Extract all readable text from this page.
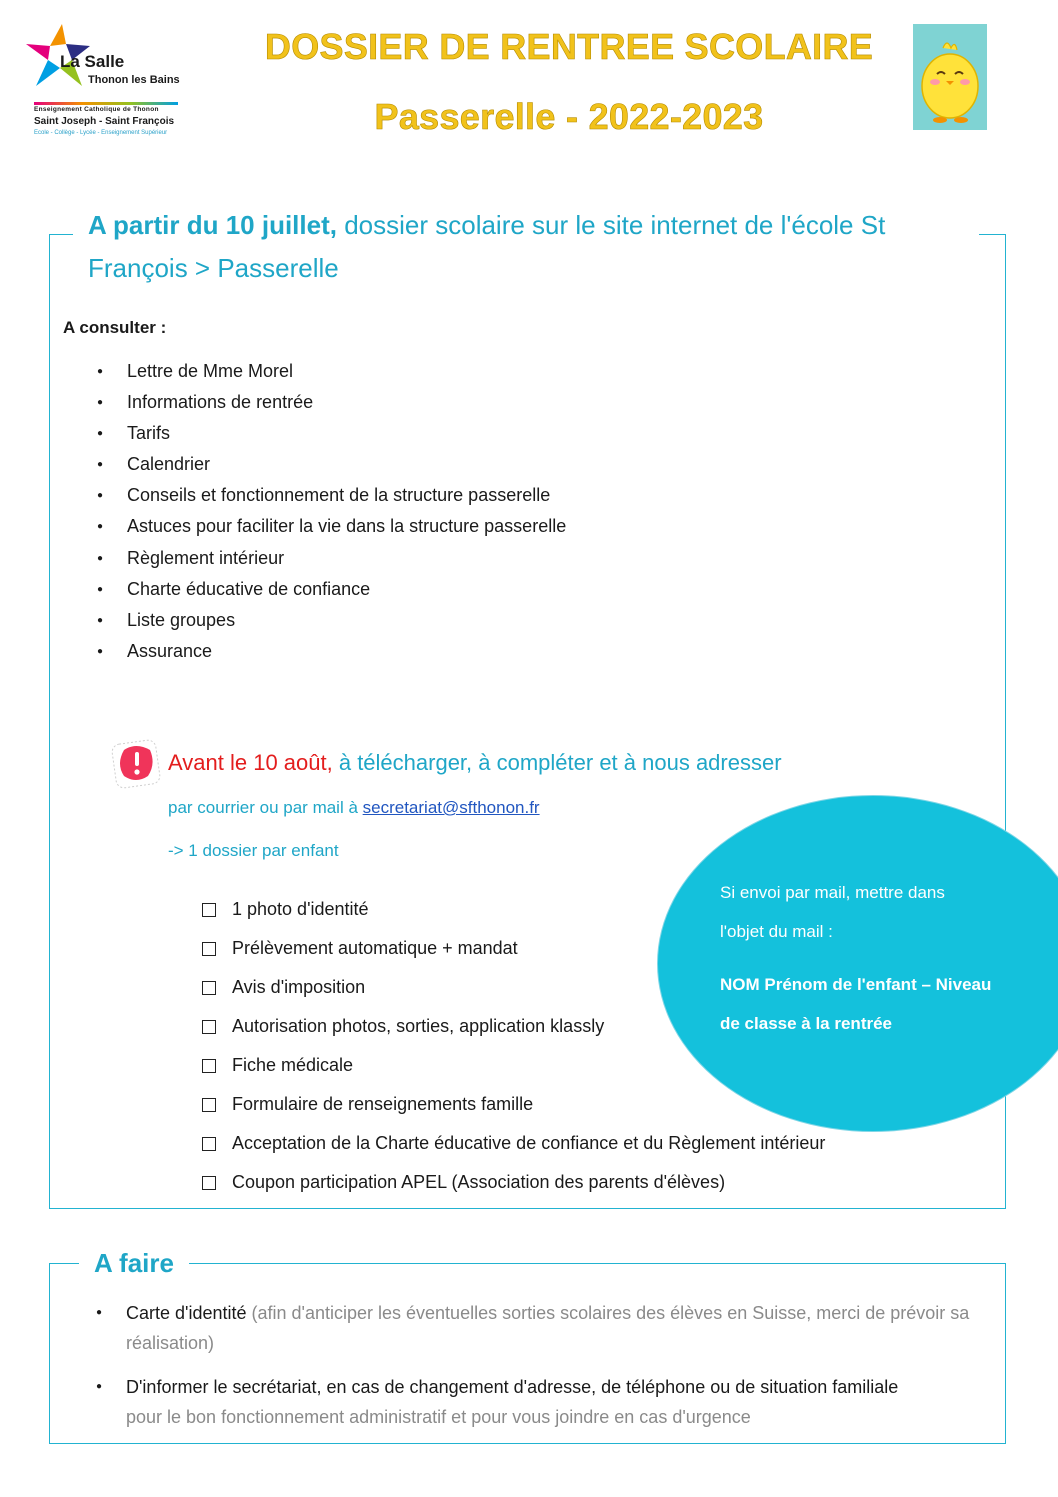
La Salle
Thonon les Bains
Enseignement Catholique de Thonon
Saint Joseph - Saint François
Ecole - Collège - Lycée - Enseignement Supérieur
DOSSIER DE RENTREE SCOLAIRE
Passerelle - 2022-2023
A partir du 10 juillet, dossier scolaire sur le site internet de l'école St François > Passerelle
A consulter :
● Lettre de Mme Morel
● Informations de rentrée
● Tarifs
● Calendrier
● Conseils et fonctionnement de la structure passerelle
● Astuces pour faciliter la vie dans la structure passerelle
● Règlement intérieur
● Charte éducative de confiance
● Liste groupes
● Assurance
Avant le 10 août, à télécharger, à compléter et à nous adresser
par courrier ou par mail à secretariat@sfthonon.fr
-> 1 dossier par enfant
Si envoi par mail, mettre dans
l'objet du mail :
NOM Prénom de l'enfant – Niveau
de classe à la rentrée
1 photo d'identité
Prélèvement automatique + mandat
Avis d'imposition
Autorisation photos, sorties, application klassly
Fiche médicale
Formulaire de renseignements famille
Acceptation de la Charte éducative de confiance et du Règlement intérieur
Coupon participation APEL (Association des parents d'élèves)
A faire
● Carte d'identité (afin d'anticiper les éventuelles sorties scolaires des élèves en Suisse, merci de prévoir sa réalisation)
● D'informer le secrétariat, en cas de changement d'adresse, de téléphone ou de situation familiale
pour le bon fonctionnement administratif et pour vous joindre en cas d'urgence
